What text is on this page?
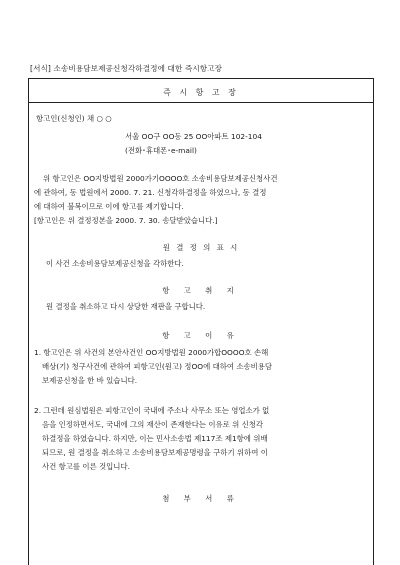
[서식] 소송비용담보제공신청각하결정에 대한 즉시항고장
즉 시 항 고 장
항고인(신청인) 채 ○ ○
서울 OO구 OO동 25 OO아파트 102-104
(전화･휴대폰･e-mail)
위 항고인은 OO지방법원 2000가기OOOO호 소송비용담보제공신청사건
에 관하여, 동 법원에서 2000. 7. 21. 신청각하결정을 하였으나, 동 결정
에 대하여 불복이므로 이에 항고를 제기합니다.
[항고인은 위 결정정본을 2000. 7. 30. 송달받았습니다.]
원 결 정 의 표 시
이 사건 소송비용담보제공신청을 각하한다.
항 고 취 지
원 결정을 취소하고 다시 상당한 재판을 구합니다.
항 고 이 유
1. 항고인은 위 사건의 본안사건인 OO지방법원 2000가합OOOO호 손해
배상(기) 청구사건에 관하여 피항고인(원고) 정OO에 대하여 소송비용담
보제공신청을 한 바 있습니다.
2. 그런데 원심법원은 피항고인이 국내에 주소나 사무소 또는 영업소가 없
음을 인정하면서도, 국내에 그의 재산이 존재한다는 이유로 위 신청각
하결정을 하였습니다. 하지만, 이는 민사소송법 제117조 제1항에 위배
되므로, 원 결정을 취소하고 소송비용담보제공명령을 구하기 위하여 이
사건 항고를 이른 것입니다.
첨 부 서 류
